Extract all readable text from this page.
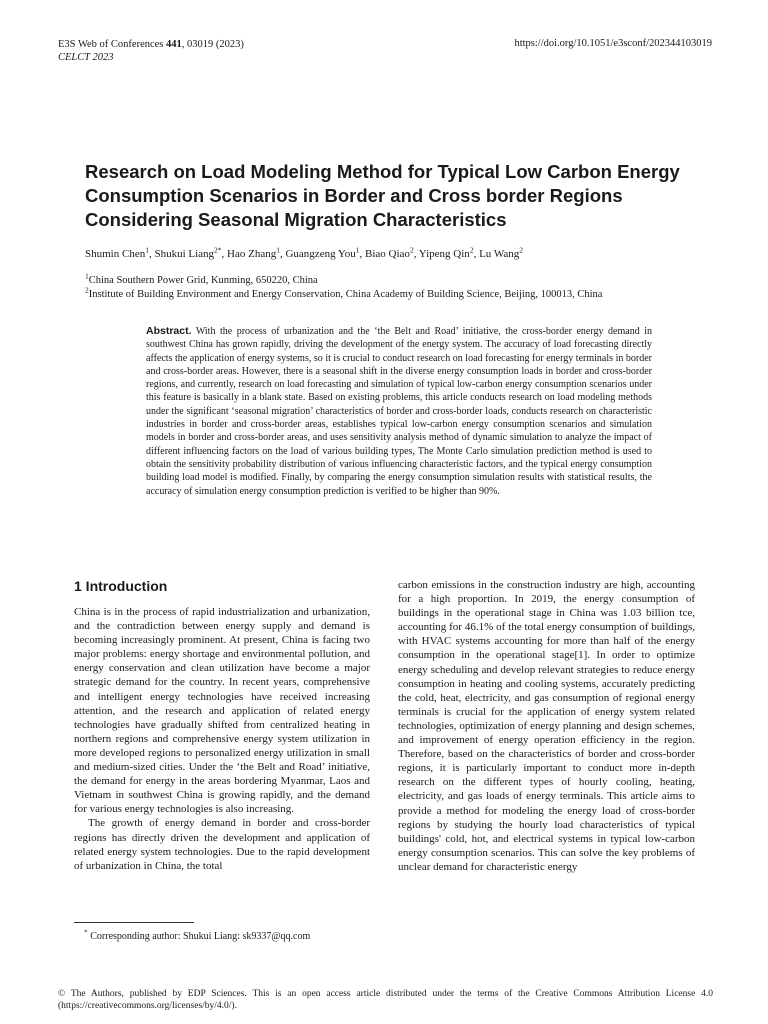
E3S Web of Conferences 441, 03019 (2023)
CELCT 2023
https://doi.org/10.1051/e3sconf/202344103019
Research on Load Modeling Method for Typical Low Carbon Energy Consumption Scenarios in Border and Cross border Regions Considering Seasonal Migration Characteristics
Shumin Chen$^1$, Shukui Liang$^{2*}$, Hao Zhang$^1$, Guangzeng You$^1$, Biao Qiao$^2$, Yipeng Qin$^2$, Lu Wang$^2$
$^1$China Southern Power Grid, Kunming, 650220, China
$^2$Institute of Building Environment and Energy Conservation, China Academy of Building Science, Beijing, 100013, China

Abstract. With the process of urbanization and the ‘the Belt and Road’ initiative, the cross-border energy demand in southwest China has grown rapidly, driving the development of the energy system. The accuracy of load forecasting directly affects the application of energy systems, so it is crucial to conduct research on load forecasting for energy terminals in border and cross-border areas. However, there is a seasonal shift in the diverse energy consumption loads in border and cross-border regions, and currently, research on load forecasting and simulation of typical low-carbon energy consumption scenarios under this feature is basically in a blank state. Based on existing problems, this article conducts research on load modeling methods under the significant ‘seasonal migration’ characteristics of border and cross-border loads, conducts research on characteristic industries in border and cross-border areas, establishes typical low-carbon energy consumption scenarios and simulation models in border and cross-border areas, and uses sensitivity analysis method of dynamic simulation to analyze the impact of different influencing factors on the load of various building types, The Monte Carlo simulation prediction method is used to obtain the sensitivity probability distribution of various influencing characteristic factors, and the typical energy consumption building load model is modified. Finally, by comparing the energy consumption simulation results with statistical results, the accuracy of simulation energy consumption prediction is verified to be higher than 90%.

1 Introduction

China is in the process of rapid industrialization and urbanization, and the contradiction between energy supply and demand is becoming increasingly prominent. At present, China is facing two major problems: energy shortage and environmental pollution, and energy conservation and clean utilization have become a major strategic demand for the country. In recent years, comprehensive and intelligent energy technologies have received increasing attention, and the research and application of related energy technologies have gradually shifted from centralized heating in northern regions and comprehensive energy system utilization in more developed regions to personalized energy utilization in small and medium-sized cities. Under the ‘the Belt and Road’ initiative, the demand for energy in the areas bordering Myanmar, Laos and Vietnam in southwest China is growing rapidly, and the demand for various energy technologies is also increasing.

The growth of energy demand in border and cross-border regions has directly driven the development and application of related energy system technologies. Due to the rapid development of urbanization in China, the total

carbon emissions in the construction industry are high, accounting for a high proportion. In 2019, the energy consumption of buildings in the operational stage in China was 1.03 billion tce, accounting for 46.1% of the total energy consumption of buildings, with HVAC systems accounting for more than half of the energy consumption in the operational stage[1]. In order to optimize energy scheduling and develop relevant strategies to reduce energy consumption in heating and cooling systems, accurately predicting the cold, heat, electricity, and gas consumption of regional energy terminals is crucial for the application of energy system related technologies, optimization of energy planning and design schemes, and improvement of energy operation efficiency in the region. Therefore, based on the characteristics of border and cross-border regions, it is particularly important to conduct more in-depth research on the different types of hourly cooling, heating, electricity, and gas loads of energy terminals. This article aims to provide a method for modeling the energy load of cross-border regions by studying the hourly load characteristics of typical buildings' cold, hot, and electrical systems in typical low-carbon energy consumption scenarios. This can solve the key problems of unclear demand for characteristic energy

* Corresponding author: Shukui Liang: sk9337@qq.com
© The Authors, published by EDP Sciences. This is an open access article distributed under the terms of the Creative Commons Attribution License 4.0 (https://creativecommons.org/licenses/by/4.0/).
